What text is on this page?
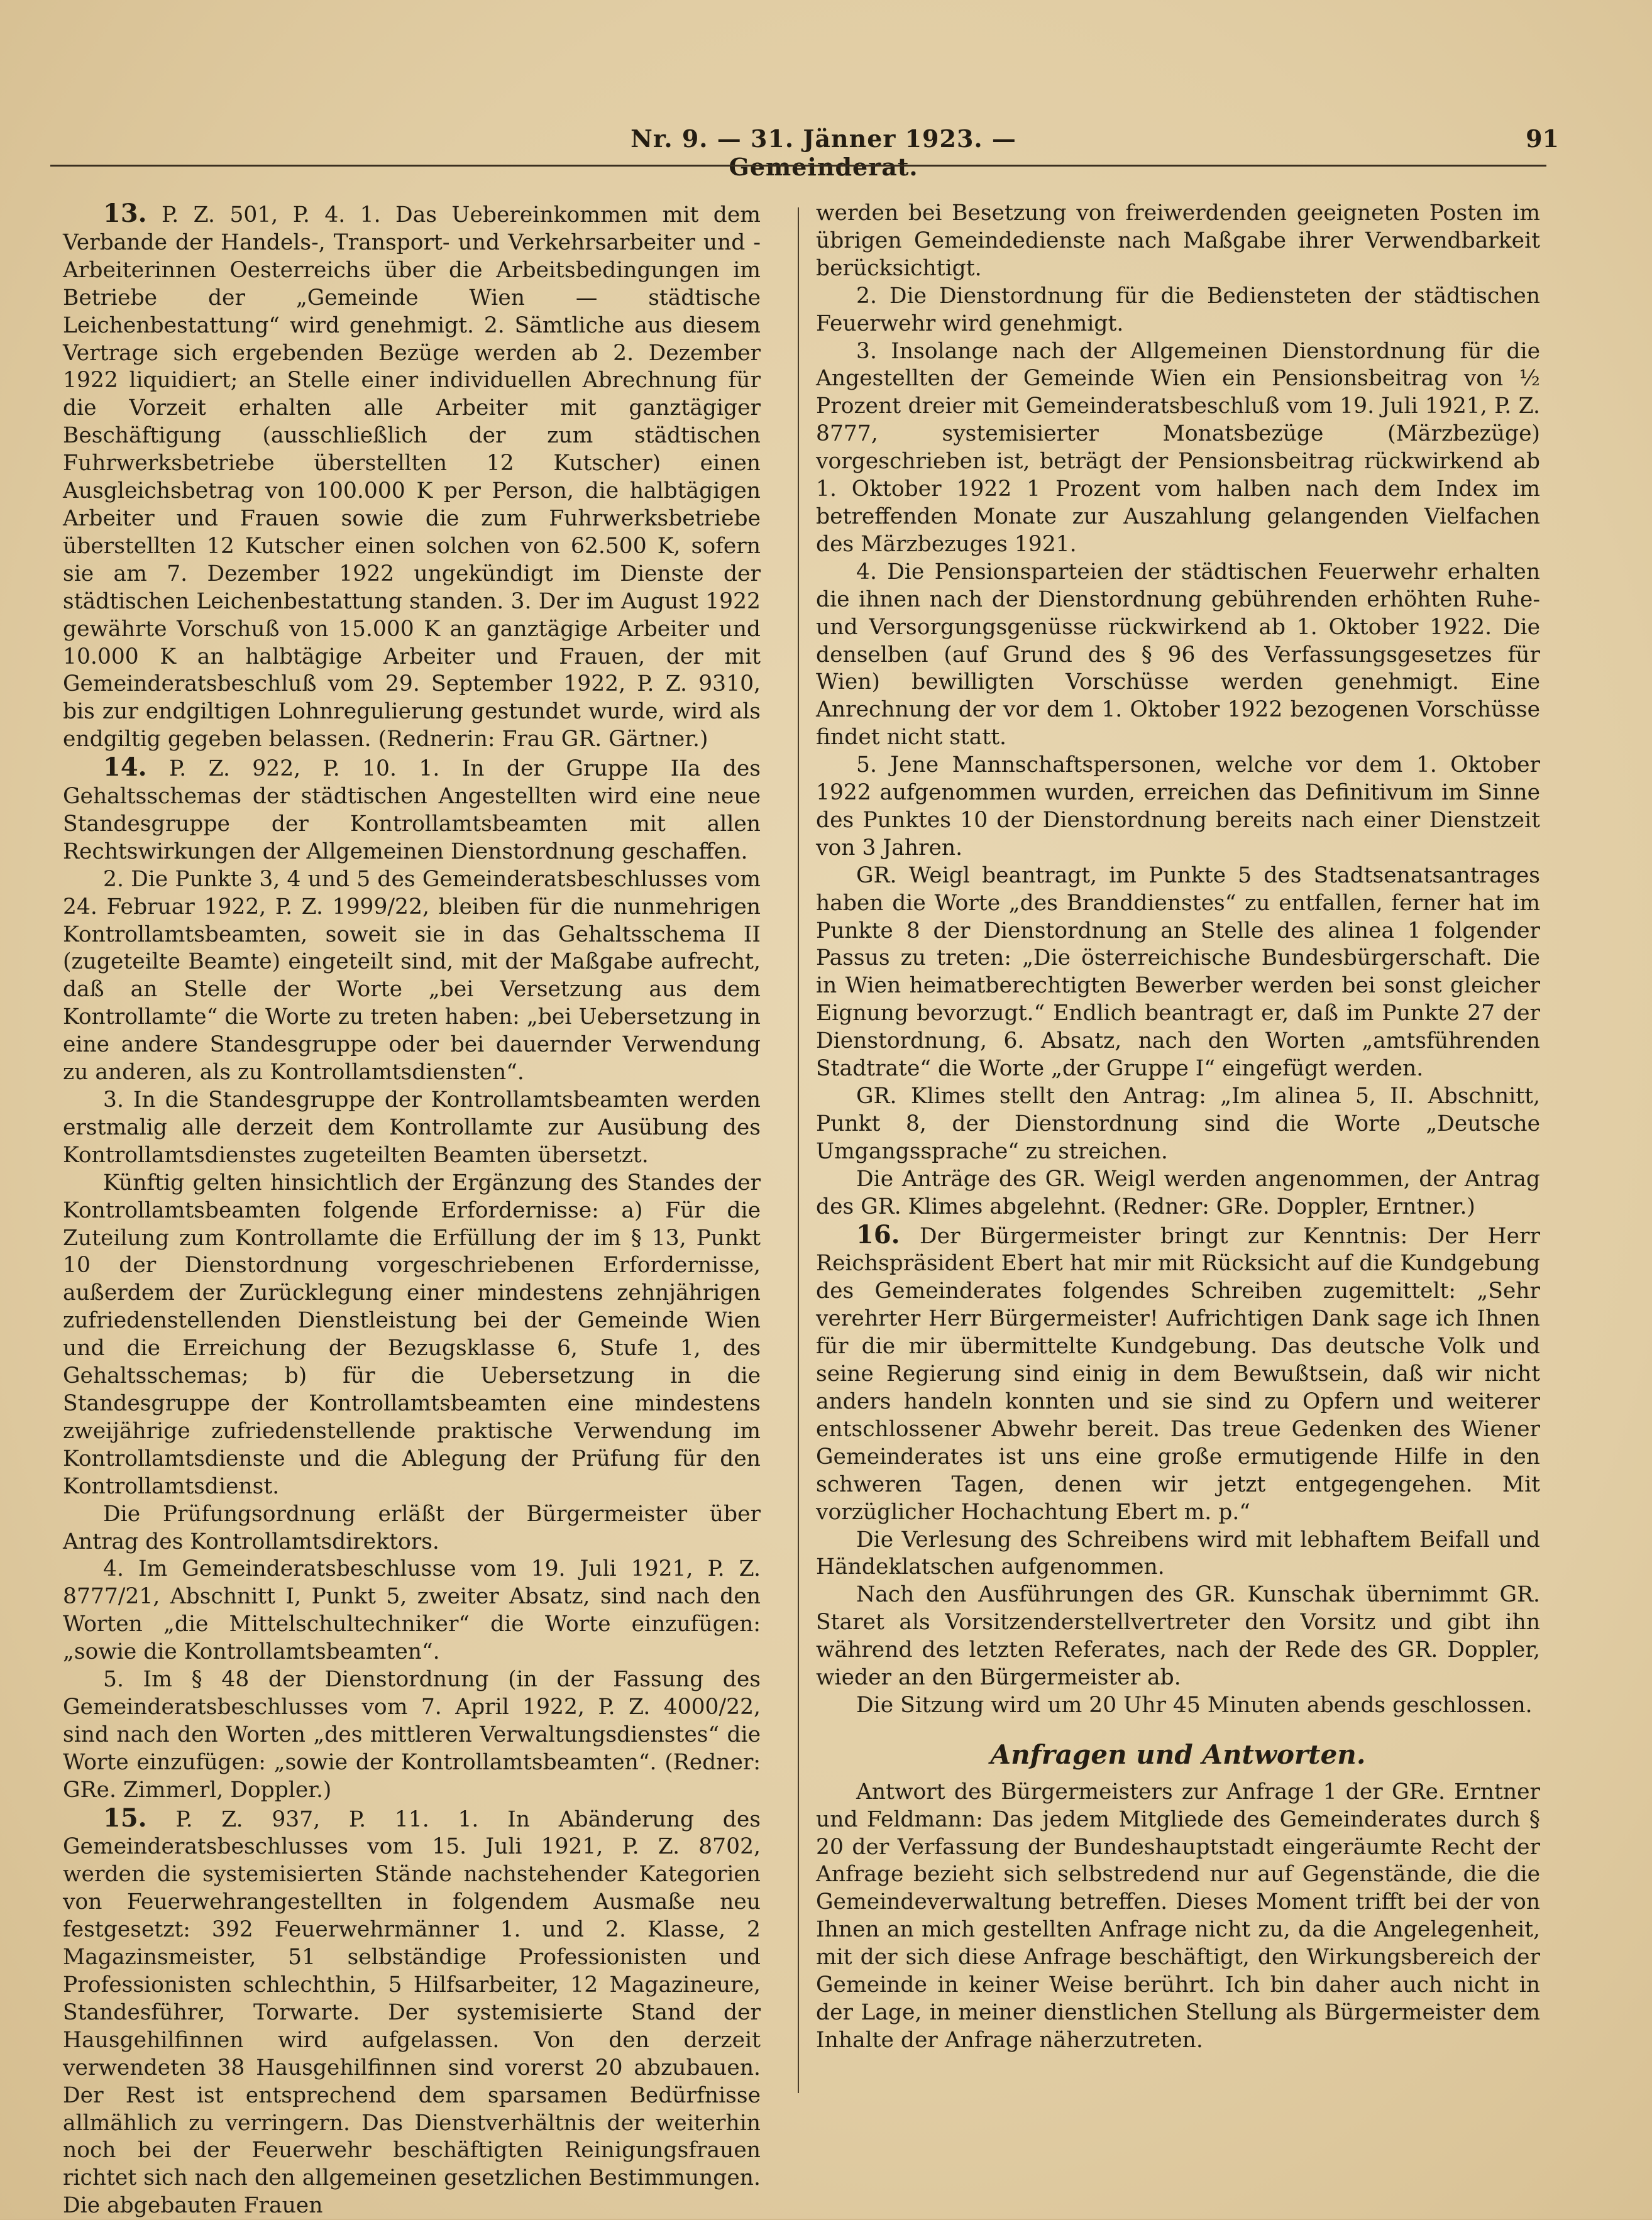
Nr. 9. — 31. Jänner 1923. — Gemeinderat.
91

13. P. Z. 501, P. 4. 1. Das Uebereinkommen mit dem Verbande der Handels-, Transport- und Verkehrsarbeiter und -Arbeiterinnen Oesterreichs über die Arbeitsbedingungen im Betriebe der „Gemeinde Wien — städtische Leichenbestattung“ wird genehmigt. 2. Sämtliche aus diesem Vertrage sich ergebenden Bezüge werden ab 2. Dezember 1922 liquidiert; an Stelle einer individuellen Abrechnung für die Vorzeit erhalten alle Arbeiter mit ganztägiger Beschäftigung (ausschließlich der zum städtischen Fuhrwerksbetriebe überstellten 12 Kutscher) einen Ausgleichsbetrag von 100.000 K per Person, die halbtägigen Arbeiter und Frauen sowie die zum Fuhrwerksbetriebe überstellten 12 Kutscher einen solchen von 62.500 K, sofern sie am 7. Dezember 1922 ungekündigt im Dienste der städtischen Leichenbestattung standen. 3. Der im August 1922 gewährte Vorschuß von 15.000 K an ganztägige Arbeiter und 10.000 K an halbtägige Arbeiter und Frauen, der mit Gemeinderatsbeschluß vom 29. September 1922, P. Z. 9310, bis zur endgiltigen Lohnregulierung gestundet wurde, wird als endgiltig gegeben belassen. (Rednerin: Frau GR. Gärtner.)

14. P. Z. 922, P. 10. 1. In der Gruppe IIa des Gehaltsschemas der städtischen Angestellten wird eine neue Standesgruppe der Kontrollamtsbeamten mit allen Rechtswirkungen der Allgemeinen Dienstordnung geschaffen.

2. Die Punkte 3, 4 und 5 des Gemeinderatsbeschlusses vom 24. Februar 1922, P. Z. 1999/22, bleiben für die nunmehrigen Kontrollamtsbeamten, soweit sie in das Gehaltsschema II (zugeteilte Beamte) eingeteilt sind, mit der Maßgabe aufrecht, daß an Stelle der Worte „bei Versetzung aus dem Kontrollamte“ die Worte zu treten haben: „bei Uebersetzung in eine andere Standesgruppe oder bei dauernder Verwendung zu anderen, als zu Kontrollamtsdiensten“.

3. In die Standesgruppe der Kontrollamtsbeamten werden erstmalig alle derzeit dem Kontrollamte zur Ausübung des Kontrollamtsdienstes zugeteilten Beamten übersetzt.

Künftig gelten hinsichtlich der Ergänzung des Standes der Kontrollamtsbeamten folgende Erfordernisse: a) Für die Zuteilung zum Kontrollamte die Erfüllung der im § 13, Punkt 10 der Dienstordnung vorgeschriebenen Erfordernisse, außerdem der Zurücklegung einer mindestens zehnjährigen zufriedenstellenden Dienstleistung bei der Gemeinde Wien und die Erreichung der Bezugsklasse 6, Stufe 1, des Gehaltsschemas; b) für die Uebersetzung in die Standesgruppe der Kontrollamtsbeamten eine mindestens zweijährige zufriedenstellende praktische Verwendung im Kontrollamtsdienste und die Ablegung der Prüfung für den Kontrollamtsdienst.

Die Prüfungsordnung erläßt der Bürgermeister über Antrag des Kontrollamtsdirektors.

4. Im Gemeinderatsbeschlusse vom 19. Juli 1921, P. Z. 8777/21, Abschnitt I, Punkt 5, zweiter Absatz, sind nach den Worten „die Mittelschultechniker“ die Worte einzufügen: „sowie die Kontrollamtsbeamten“.

5. Im § 48 der Dienstordnung (in der Fassung des Gemeinderatsbeschlusses vom 7. April 1922, P. Z. 4000/22, sind nach den Worten „des mittleren Verwaltungsdienstes“ die Worte einzufügen: „sowie der Kontrollamtsbeamten“. (Redner: GRe. Zimmerl, Doppler.)

15. P. Z. 937, P. 11. 1. In Abänderung des Gemeinderatsbeschlusses vom 15. Juli 1921, P. Z. 8702, werden die systemisierten Stände nachstehender Kategorien von Feuerwehrangestellten in folgendem Ausmaße neu festgesetzt: 392 Feuerwehrmänner 1. und 2. Klasse, 2 Magazinsmeister, 51 selbständige Professionisten und Professionisten schlechthin, 5 Hilfsarbeiter, 12 Magazineure, Standesführer, Torwarte. Der systemisierte Stand der Hausgehilfinnen wird aufgelassen. Von den derzeit verwendeten 38 Hausgehilfinnen sind vorerst 20 abzubauen. Der Rest ist entsprechend dem sparsamen Bedürfnisse allmählich zu verringern. Das Dienstverhältnis der weiterhin noch bei der Feuerwehr beschäftigten Reinigungsfrauen richtet sich nach den allgemeinen gesetzlichen Bestimmungen. Die abgebauten Frauen

werden bei Besetzung von freiwerdenden geeigneten Posten im übrigen Gemeindedienste nach Maßgabe ihrer Verwendbarkeit berücksichtigt.

2. Die Dienstordnung für die Bediensteten der städtischen Feuerwehr wird genehmigt.

3. Insolange nach der Allgemeinen Dienstordnung für die Angestellten der Gemeinde Wien ein Pensionsbeitrag von ½ Prozent dreier mit Gemeinderatsbeschluß vom 19. Juli 1921, P. Z. 8777, systemisierter Monatsbezüge (Märzbezüge) vorgeschrieben ist, beträgt der Pensionsbeitrag rückwirkend ab 1. Oktober 1922 1 Prozent vom halben nach dem Index im betreffenden Monate zur Auszahlung gelangenden Vielfachen des Märzbezuges 1921.

4. Die Pensionsparteien der städtischen Feuerwehr erhalten die ihnen nach der Dienstordnung gebührenden erhöhten Ruhe- und Versorgungsgenüsse rückwirkend ab 1. Oktober 1922. Die denselben (auf Grund des § 96 des Verfassungsgesetzes für Wien) bewilligten Vorschüsse werden genehmigt. Eine Anrechnung der vor dem 1. Oktober 1922 bezogenen Vorschüsse findet nicht statt.

5. Jene Mannschaftspersonen, welche vor dem 1. Oktober 1922 aufgenommen wurden, erreichen das Definitivum im Sinne des Punktes 10 der Dienstordnung bereits nach einer Dienstzeit von 3 Jahren.

GR. Weigl beantragt, im Punkte 5 des Stadtsenatsantrages haben die Worte „des Branddienstes“ zu entfallen, ferner hat im Punkte 8 der Dienstordnung an Stelle des alinea 1 folgender Passus zu treten: „Die österreichische Bundesbürgerschaft. Die in Wien heimatberechtigten Bewerber werden bei sonst gleicher Eignung bevorzugt.“ Endlich beantragt er, daß im Punkte 27 der Dienstordnung, 6. Absatz, nach den Worten „amtsführenden Stadtrate“ die Worte „der Gruppe I“ eingefügt werden.

GR. Klimes stellt den Antrag: „Im alinea 5, II. Abschnitt, Punkt 8, der Dienstordnung sind die Worte „Deutsche Umgangssprache“ zu streichen.

Die Anträge des GR. Weigl werden angenommen, der Antrag des GR. Klimes abgelehnt. (Redner: GRe. Doppler, Erntner.)

16. Der Bürgermeister bringt zur Kenntnis: Der Herr Reichspräsident Ebert hat mir mit Rücksicht auf die Kundgebung des Gemeinderates folgendes Schreiben zugemittelt: „Sehr verehrter Herr Bürgermeister! Aufrichtigen Dank sage ich Ihnen für die mir übermittelte Kundgebung. Das deutsche Volk und seine Regierung sind einig in dem Bewußtsein, daß wir nicht anders handeln konnten und sie sind zu Opfern und weiterer entschlossener Abwehr bereit. Das treue Gedenken des Wiener Gemeinderates ist uns eine große ermutigende Hilfe in den schweren Tagen, denen wir jetzt entgegengehen. Mit vorzüglicher Hochachtung Ebert m. p.“

Die Verlesung des Schreibens wird mit lebhaftem Beifall und Händeklatschen aufgenommen.

Nach den Ausführungen des GR. Kunschak übernimmt GR. Staret als Vorsitzenderstellvertreter den Vorsitz und gibt ihn während des letzten Referates, nach der Rede des GR. Doppler, wieder an den Bürgermeister ab.

Die Sitzung wird um 20 Uhr 45 Minuten abends geschlossen.

Anfragen und Antworten.

Antwort des Bürgermeisters zur Anfrage 1 der GRe. Erntner und Feldmann: Das jedem Mitgliede des Gemeinderates durch § 20 der Verfassung der Bundeshauptstadt eingeräumte Recht der Anfrage bezieht sich selbstredend nur auf Gegenstände, die die Gemeindeverwaltung betreffen. Dieses Moment trifft bei der von Ihnen an mich gestellten Anfrage nicht zu, da die Angelegenheit, mit der sich diese Anfrage beschäftigt, den Wirkungsbereich der Gemeinde in keiner Weise berührt. Ich bin daher auch nicht in der Lage, in meiner dienstlichen Stellung als Bürgermeister dem Inhalte der Anfrage näherzutreten.
